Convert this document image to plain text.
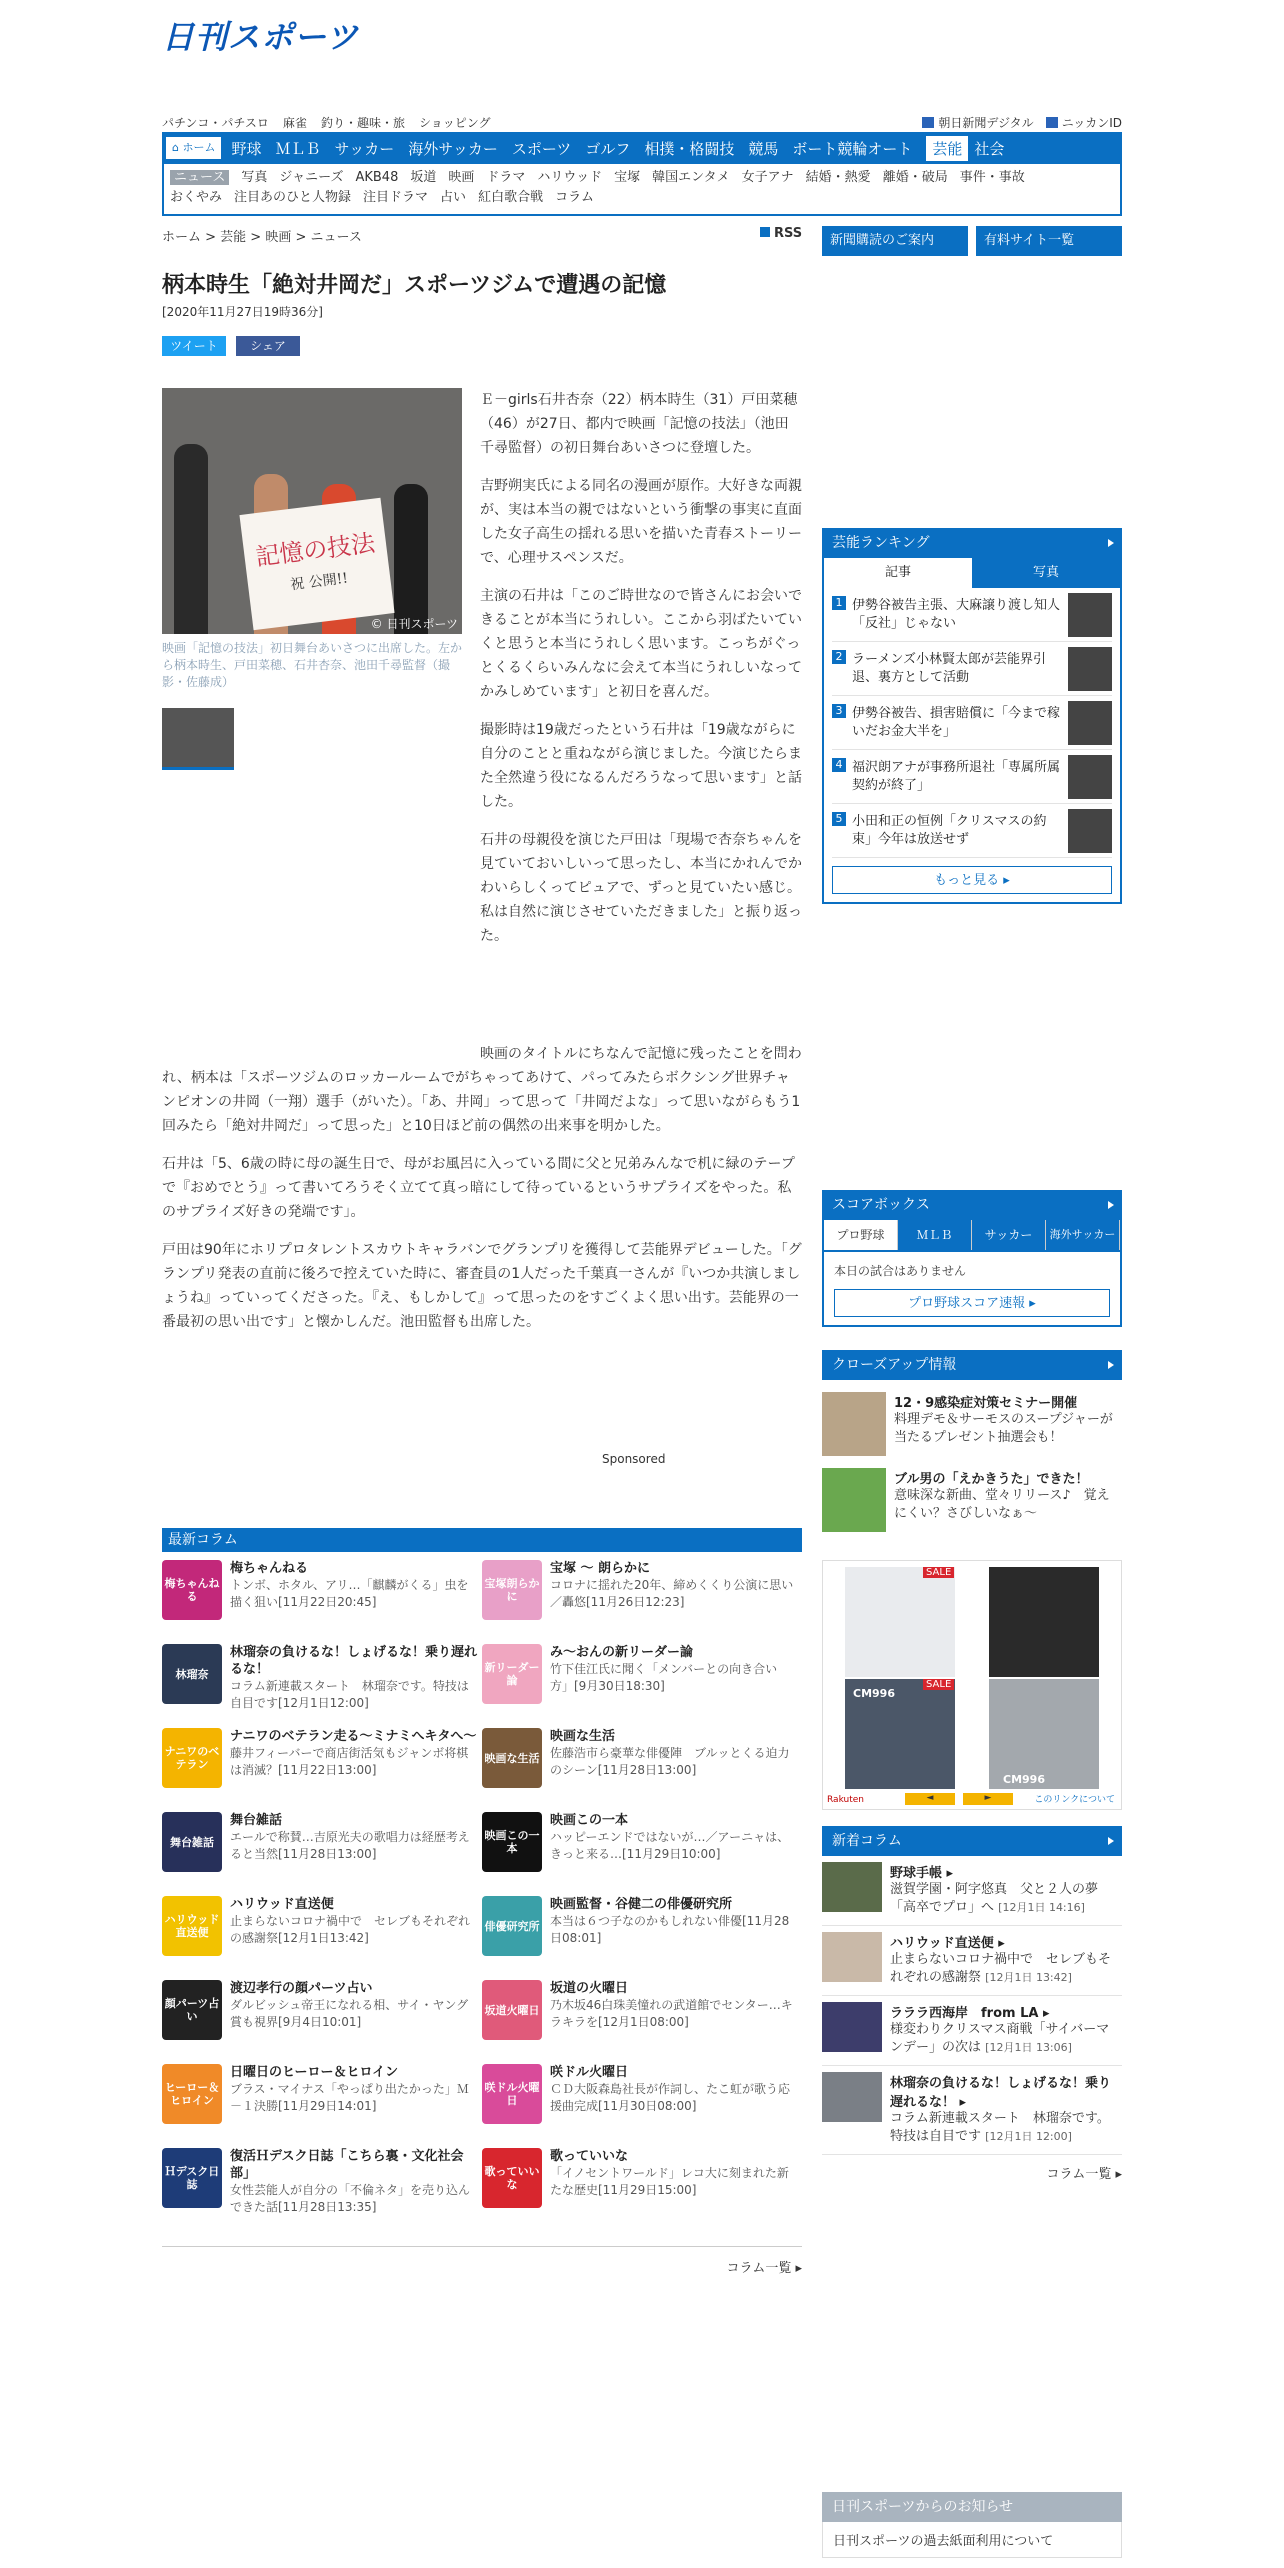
日刊スポーツ
パチンコ・パチスロ 麻雀 釣り・趣味・旅 ショッピング	朝日新聞デジタル	ニッカンID
⌂ ホーム	野球 ＭＬＢ サッカー 海外サッカー スポーツ ゴルフ 相撲・格闘技 競馬 ボート競輪オート	芸能 社会
ニュース 写真 ジャニーズ AKB48 坂道 映画 ドラマ ハリウッド 宝塚 韓国エンタメ 女子アナ 結婚・熱愛 離婚・破局 事件・事故
おくやみ 注目あのひと人物録 注目ドラマ 占い 紅白歌合戦 コラム
ホーム > 芸能 > 映画 > ニュース	RSS	新聞購読のご案内	有料サイト一覧
柄本時生「絶対井岡だ」スポーツジムで遭遇の記憶
[2020年11月27日19時36分]
ツイート	シェア
記憶の技法
祝 公開!!
© 日刊スポーツ
映画「記憶の技法」初日舞台あいさつに出席した。左から柄本時生、戸田菜穂、石井杏奈、池田千尋監督（撮影・佐藤成）

Ｅ－girls石井杏奈（22）柄本時生（31）戸田菜穂（46）が27日、都内で映画「記憶の技法」（池田千尋監督）の初日舞台あいさつに登壇した。

吉野朔実氏による同名の漫画が原作。大好きな両親が、実は本当の親ではないという衝撃の事実に直面した女子高生の揺れる思いを描いた青春ストーリーで、心理サスペンスだ。

主演の石井は「このご時世なので皆さんにお会いできることが本当にうれしい。ここから羽ばたいていくと思うと本当にうれしく思います。こっちがぐっとくるくらいみんなに会えて本当にうれしいなってかみしめています」と初日を喜んだ。

撮影時は19歳だったという石井は「19歳ながらに自分のことと重ねながら演じました。今演じたらまた全然違う役になるんだろうなって思います」と話した。

石井の母親役を演じた戸田は「現場で杏奈ちゃんを見ていておいしいって思ったし、本当にかれんでかわいらしくってピュアで、ずっと見ていたい感じ。私は自然に演じさせていただきました」と振り返った。

映画のタイトルにちなんで記憶に残ったことを問われ、柄本は「スポーツジムのロッカールームでがちゃってあけて、パってみたらボクシング世界チャンピオンの井岡（一翔）選手（がいた）。「あ、井岡」って思って「井岡だよな」って思いながらもう1回みたら「絶対井岡だ」って思った」と10日ほど前の偶然の出来事を明かした。

石井は「5、6歳の時に母の誕生日で、母がお風呂に入っている間に父と兄弟みんなで机に緑のテープで『おめでとう』って書いてろうそく立てて真っ暗にして待っているというサプライズをやった。私のサプライズ好きの発端です」。

戸田は90年にホリプロタレントスカウトキャラバンでグランプリを獲得して芸能界デビューした。「グランプリ発表の直前に後ろで控えていた時に、審査員の1人だった千葉真一さんが『いつか共演しましょうね』っていってくださった。『え、もしかして』って思ったのをすごくよく思い出す。芸能界の一番最初の思い出です」と懐かしんだ。池田監督も出席した。

Sponsored
最新コラム
梅ちゃんねる
梅ちゃんねる
トンボ、ホタル、アリ…「麒麟がくる」虫を描く狙い[11月22日20:45]
宝塚朗らかに
宝塚 ～ 朗らかに
コロナに揺れた20年、締めくくり公演に思い／轟悠[11月26日12:23]
林瑠奈
林瑠奈の負けるな！しょげるな！乗り遅れるな！
コラム新連載スタート　林瑠奈です。特技は自目です[12月1日12:00]
新リーダー論
み～おんの新リーダー論
竹下佳江氏に聞く「メンバーとの向き合い方」[9月30日18:30]
ナニワのベテラン
ナニワのベテラン走る～ミナミへキタへ～
藤井フィーバーで商店街活気もジャンボ将棋は消滅？[11月22日13:00]
映画な生活
映画な生活
佐藤浩市ら豪華な俳優陣　ブルッとくる迫力のシーン[11月28日13:00]
舞台雑話
舞台雑話
エールで称賛…吉原光夫の歌唱力は経歴考えると当然[11月28日13:00]
映画この一本
映画この一本
ハッピーエンドではないが…／アーニャは、きっと来る…[11月29日10:00]
ハリウッド直送便
ハリウッド直送便
止まらないコロナ禍中で　セレブもそれぞれの感謝祭[12月1日13:42]
俳優研究所
映画監督・谷健二の俳優研究所
本当は６つ子なのかもしれない俳優[11月28日08:01]
顔パーツ占い
渡辺孝行の顔パーツ占い
ダルビッシュ帝王になれる相、サイ・ヤング賞も視界[9月4日10:01]
坂道火曜日
坂道の火曜日
乃木坂46白珠美憧れの武道館でセンター…キラキラを[12月1日08:00]
ヒーロー＆ヒロイン
日曜日のヒーロー＆ヒロイン
ブラス・マイナス「やっぱり出たかった」Ｍ－１決勝[11月29日14:01]
咲ドル火曜日
咲ドル火曜日
ＣＤ大阪森島社長が作詞し、たこ虹が歌う応援曲完成[11月30日08:00]
Ｈデスク日誌
復活Ｈデスク日誌「こちら裏・文化社会部」
女性芸能人が自分の「不倫ネタ」を売り込んできた話[11月28日13:35]
歌っていいな
歌っていいな
「イノセントワールド」レコ大に刻まれた新たな歴史[11月29日15:00]
コラム一覧 ▸
芸能ランキング
記事	写真
1 伊勢谷被告主張、大麻譲り渡し知人「反社」じゃない
2 ラーメンズ小林賢太郎が芸能界引退、裏方として活動
3 伊勢谷被告、損害賠償に「今まで稼いだお金大半を」
4 福沢朗アナが事務所退社「専属所属契約が終了」
5 小田和正の恒例「クリスマスの約束」今年は放送せず
もっと見る ▸
スコアボックス
プロ野球	ＭＬＢ	サッカー	海外サッカー
本日の試合はありません
プロ野球スコア速報 ▸
クローズアップ情報
12・9感染症対策セミナー開催
料理デモ＆サーモスのスープジャーが当たるプレゼント抽選会も！
ブル男の「えかきうた」できた！
意味深な新曲、堂々リリース♪　覚えにくい？さびしいなぁ～
SALE
CM996
SALE
CM996
Rakuten	◄	►	このリンクについて
新着コラム
野球手帳 ▸
滋賀学園・阿字悠真　父と２人の夢「高卒でプロ」へ [12月1日 14:16]
ハリウッド直送便 ▸
止まらないコロナ禍中で　セレブもそれぞれの感謝祭 [12月1日 13:42]
ラララ西海岸　from LA ▸
様変わりクリスマス商戦「サイバーマンデー」の次は [12月1日 13:06]
林瑠奈の負けるな！しょげるな！乗り遅れるな！ ▸
コラム新連載スタート　林瑠奈です。特技は自目です [12月1日 12:00]
コラム一覧 ▸
日刊スポーツからのお知らせ
日刊スポーツの過去紙面利用について
